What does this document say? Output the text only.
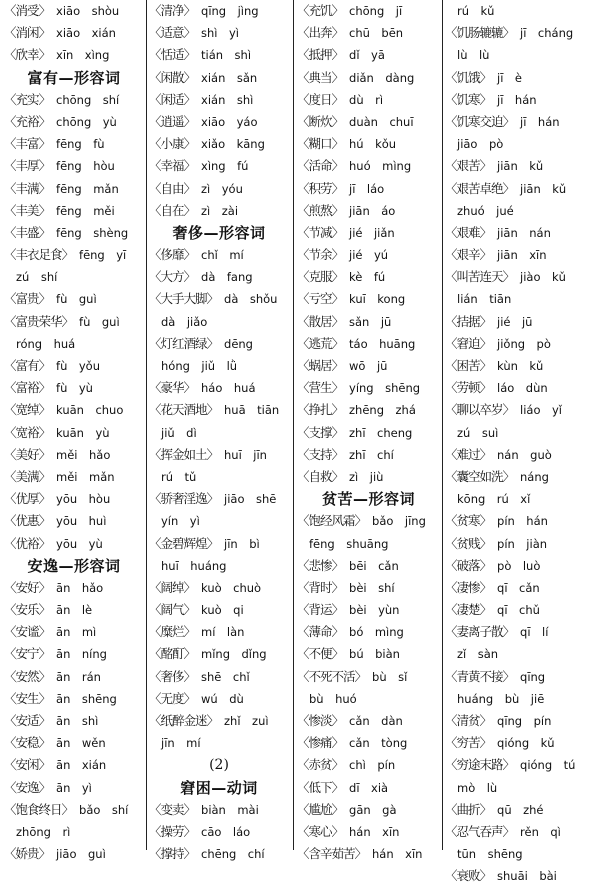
〈消受〉 xiāo　shòu
〈消闲〉 xiāo　xián
〈欣幸〉 xīn　xìng
富有—形容词
〈充实〉 chōng　shí
〈充裕〉 chōng　yù
〈丰富〉 fēng　fù
〈丰厚〉 fēng　hòu
〈丰满〉 fēng　mǎn
〈丰美〉 fēng　měi
〈丰盛〉 fēng　shèng
〈丰衣足食〉 fēng　yī
zú　shí
〈富贵〉 fù　guì
〈富贵荣华〉 fù　guì
róng　huá
〈富有〉 fù　yǒu
〈富裕〉 fù　yù
〈宽绰〉 kuān　chuo
〈宽裕〉 kuān　yù
〈美好〉 měi　hǎo
〈美满〉 měi　mǎn
〈优厚〉 yōu　hòu
〈优惠〉 yōu　huì
〈优裕〉 yōu　yù
安逸—形容词
〈安好〉 ān　hǎo
〈安乐〉 ān　lè
〈安谧〉 ān　mì
〈安宁〉 ān　níng
〈安然〉 ān　rán
〈安生〉 ān　shēng
〈安适〉 ān　shì
〈安稳〉 ān　wěn
〈安闲〉 ān　xián
〈安逸〉 ān　yì
〈饱食终日〉 bǎo　shí
zhōng　rì
〈娇贵〉 jiāo　guì
〈清净〉 qīng　jìng
〈适意〉 shì　yì
〈恬适〉 tián　shì
〈闲散〉 xián　sǎn
〈闲适〉 xián　shì
〈逍遥〉 xiāo　yáo
〈小康〉 xiǎo　kāng
〈幸福〉 xìng　fú
〈自由〉 zì　yóu
〈自在〉 zì　zài
奢侈—形容词
〈侈靡〉 chǐ　mí
〈大方〉 dà　fang
〈大手大脚〉 dà　shǒu
dà　jiǎo
〈灯红酒绿〉 dēng
hóng　jiǔ　lǜ
〈豪华〉 háo　huá
〈花天酒地〉 huā　tiān
jiǔ　dì
〈挥金如土〉 huī　jīn
rú　tǔ
〈骄奢淫逸〉 jiāo　shē
yín　yì
〈金碧辉煌〉 jīn　bì
huī　huáng
〈阔绰〉 kuò　chuò
〈阔气〉 kuò　qi
〈糜烂〉 mí　làn
〈酩酊〉 mǐng　dǐng
〈奢侈〉 shē　chǐ
〈无度〉 wú　dù
〈纸醉金迷〉 zhǐ　zuì
jīn　mí
(2)
窘困—动词
〈变卖〉 biàn　mài
〈操劳〉 cāo　láo
〈撑持〉 chēng　chí
〈充饥〉 chōng　jī
〈出奔〉 chū　bēn
〈抵押〉 dǐ　yā
〈典当〉 diǎn　dàng
〈度日〉 dù　rì
〈断炊〉 duàn　chuī
〈糊口〉 hú　kǒu
〈活命〉 huó　mìng
〈积劳〉 jī　láo
〈煎熬〉 jiān　áo
〈节减〉 jié　jiǎn
〈节余〉 jié　yú
〈克服〉 kè　fú
〈亏空〉 kuī　kong
〈散居〉 sǎn　jū
〈逃荒〉 táo　huāng
〈蜗居〉 wō　jū
〈营生〉 yíng　shēng
〈挣扎〉 zhēng　zhá
〈支撑〉 zhī　cheng
〈支持〉 zhī　chí
〈自救〉 zì　jiù
贫苦—形容词
〈饱经风霜〉 bǎo　jīng
fēng　shuāng
〈悲惨〉 bēi　cǎn
〈背时〉 bèi　shí
〈背运〉 bèi　yùn
〈薄命〉 bó　mìng
〈不便〉 bú　biàn
〈不死不活〉 bù　sǐ
bù　huó
〈惨淡〉 cǎn　dàn
〈惨痛〉 cǎn　tòng
〈赤贫〉 chì　pín
〈低下〉 dī　xià
〈尴尬〉 gān　gà
〈寒心〉 hán　xīn
〈含辛茹苦〉 hán　xīn
rú　kǔ
〈饥肠辘辘〉 jī　cháng
lù　lù
〈饥饿〉 jī　è
〈饥寒〉 jī　hán
〈饥寒交迫〉 jī　hán
jiāo　pò
〈艰苦〉 jiān　kǔ
〈艰苦卓绝〉 jiān　kǔ
zhuó　jué
〈艰难〉 jiān　nán
〈艰辛〉 jiān　xīn
〈叫苦连天〉 jiào　kǔ
lián　tiān
〈拮据〉 jié　jū
〈窘迫〉 jiǒng　pò
〈困苦〉 kùn　kǔ
〈劳顿〉 láo　dùn
〈聊以卒岁〉 liáo　yǐ
zú　suì
〈难过〉 nán　guò
〈囊空如洗〉 náng
kōng　rú　xǐ
〈贫寒〉 pín　hán
〈贫贱〉 pín　jiàn
〈破落〉 pò　luò
〈凄惨〉 qī　cǎn
〈凄楚〉 qī　chǔ
〈妻离子散〉 qī　lí
zǐ　sàn
〈青黄不接〉 qīng
huáng　bù　jiē
〈清贫〉 qīng　pín
〈穷苦〉 qióng　kǔ
〈穷途末路〉 qióng　tú
mò　lù
〈曲折〉 qū　zhé
〈忍气吞声〉 rěn　qì
tūn　shēng
〈衰败〉 shuāi　bài
